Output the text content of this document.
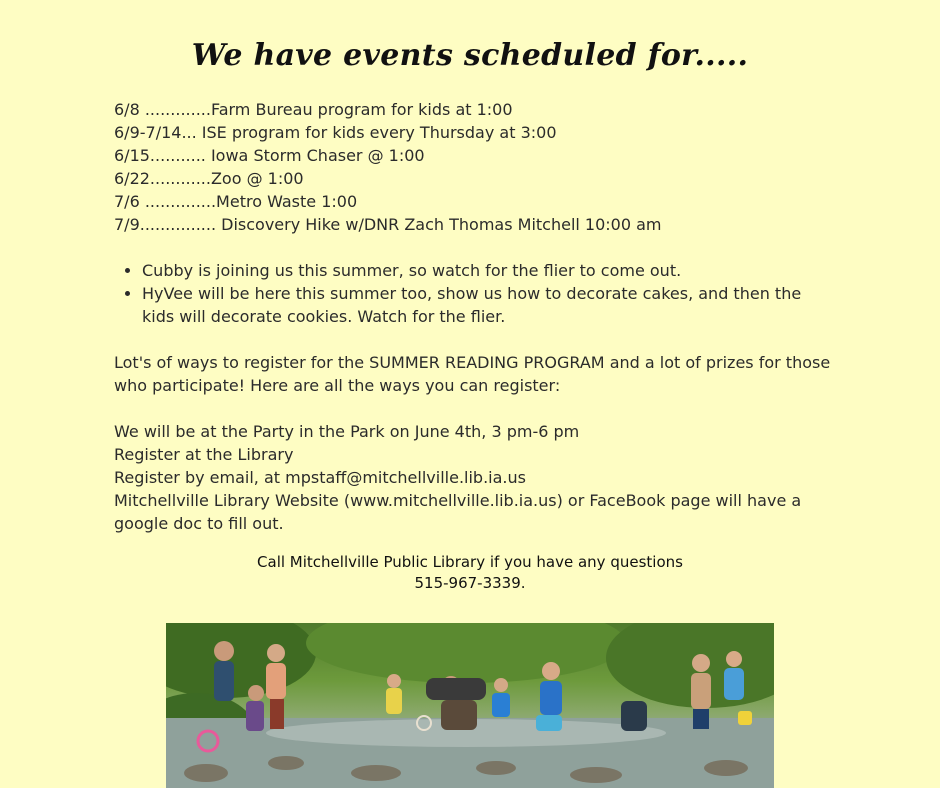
We have events scheduled for.....
6/8 .............Farm Bureau program for kids at 1:00
6/9-7/14... ISE program for kids every Thursday at 3:00
6/15........... Iowa Storm Chaser @ 1:00
6/22............Zoo @ 1:00
7/6 ..............Metro Waste 1:00
7/9............... Discovery Hike w/DNR Zach Thomas Mitchell 10:00 am
• Cubby is joining us this summer, so watch for the flier to come out.
• HyVee will be here this summer too, show us how to decorate cakes, and then the kids will decorate cookies. Watch for the flier.
Lot's of ways to register for the SUMMER READING PROGRAM and a lot of prizes for those who participate! Here are all the ways you can register:
We will be at the Party in the Park on June 4th, 3 pm-6 pm
Register at the Library
Register by email, at mpstaff@mitchellville.lib.ia.us
Mitchellville Library Website (www.mitchellville.lib.ia.us) or FaceBook page will have a google doc to fill out.
Call Mitchellville Public Library if you have any questions
515-967-3339.
